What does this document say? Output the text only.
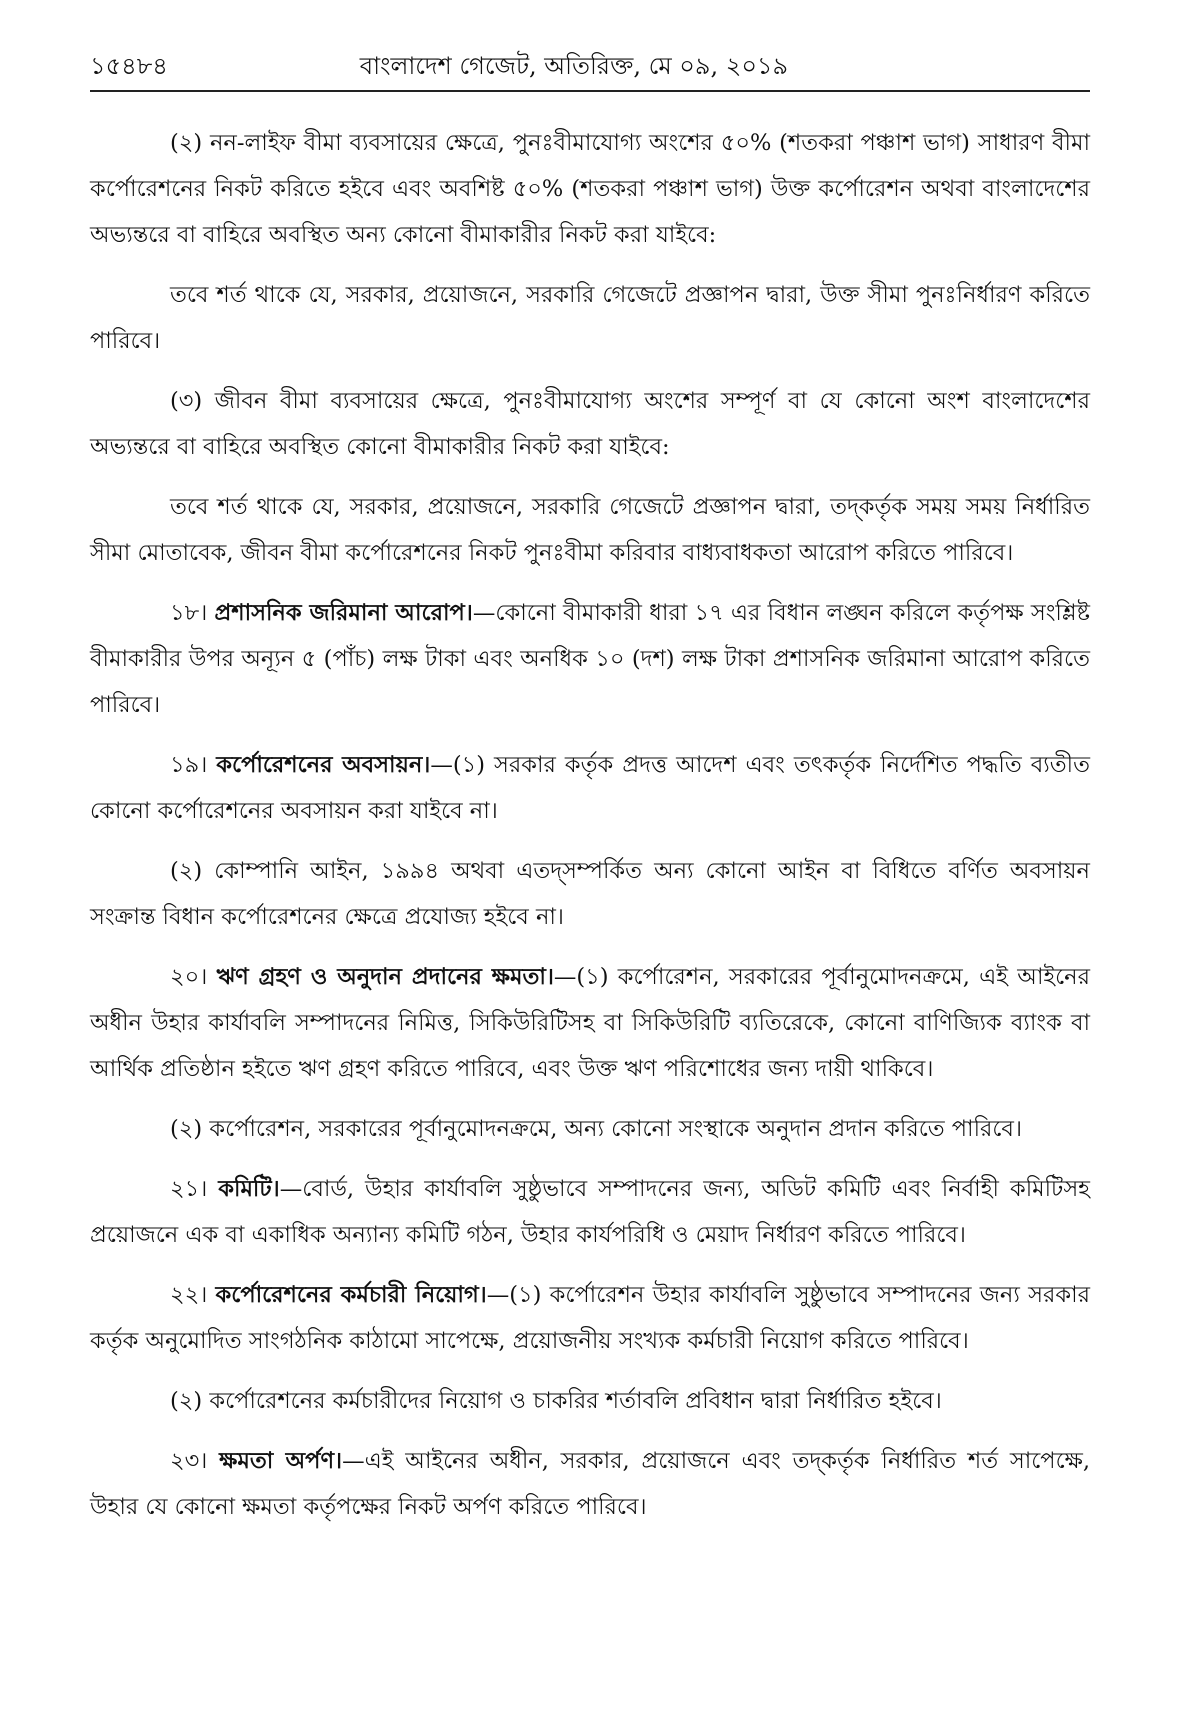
১৫৪৮৪	বাংলাদেশ গেজেট, অতিরিক্ত, মে ০৯, ২০১৯

(২) নন-লাইফ বীমা ব্যবসায়ের ক্ষেত্রে, পুনঃবীমাযোগ্য অংশের ৫০% (শতকরা পঞ্চাশ ভাগ) সাধারণ বীমা কর্পোরেশনের নিকট করিতে হইবে এবং অবশিষ্ট ৫০% (শতকরা পঞ্চাশ ভাগ) উক্ত কর্পোরেশন অথবা বাংলাদেশের অভ্যন্তরে বা বাহিরে অবস্থিত অন্য কোনো বীমাকারীর নিকট করা যাইবে:

তবে শর্ত থাকে যে, সরকার, প্রয়োজনে, সরকারি গেজেটে প্রজ্ঞাপন দ্বারা, উক্ত সীমা পুনঃনির্ধারণ করিতে পারিবে।

(৩) জীবন বীমা ব্যবসায়ের ক্ষেত্রে, পুনঃবীমাযোগ্য অংশের সম্পূর্ণ বা যে কোনো অংশ বাংলাদেশের অভ্যন্তরে বা বাহিরে অবস্থিত কোনো বীমাকারীর নিকট করা যাইবে:

তবে শর্ত থাকে যে, সরকার, প্রয়োজনে, সরকারি গেজেটে প্রজ্ঞাপন দ্বারা, তদ্‌কর্তৃক সময় সময় নির্ধারিত সীমা মোতাবেক, জীবন বীমা কর্পোরেশনের নিকট পুনঃবীমা করিবার বাধ্যবাধকতা আরোপ করিতে পারিবে।

১৮। প্রশাসনিক জরিমানা আরোপ।—কোনো বীমাকারী ধারা ১৭ এর বিধান লঙ্ঘন করিলে কর্তৃপক্ষ সংশ্লিষ্ট বীমাকারীর উপর অন্যূন ৫ (পাঁচ) লক্ষ টাকা এবং অনধিক ১০ (দশ) লক্ষ টাকা প্রশাসনিক জরিমানা আরোপ করিতে পারিবে।

১৯। কর্পোরেশনের অবসায়ন।—(১) সরকার কর্তৃক প্রদত্ত আদেশ এবং তৎকর্তৃক নির্দেশিত পদ্ধতি ব্যতীত কোনো কর্পোরেশনের অবসায়ন করা যাইবে না।

(২) কোম্পানি আইন, ১৯৯৪ অথবা এতদ্‌সম্পর্কিত অন্য কোনো আইন বা বিধিতে বর্ণিত অবসায়ন সংক্রান্ত বিধান কর্পোরেশনের ক্ষেত্রে প্রযোজ্য হইবে না।

২০। ঋণ গ্রহণ ও অনুদান প্রদানের ক্ষমতা।—(১) কর্পোরেশন, সরকারের পূর্বানুমোদনক্রমে, এই আইনের অধীন উহার কার্যাবলি সম্পাদনের নিমিত্ত, সিকিউরিটিসহ বা সিকিউরিটি ব্যতিরেকে, কোনো বাণিজ্যিক ব্যাংক বা আর্থিক প্রতিষ্ঠান হইতে ঋণ গ্রহণ করিতে পারিবে, এবং উক্ত ঋণ পরিশোধের জন্য দায়ী থাকিবে।

(২) কর্পোরেশন, সরকারের পূর্বানুমোদনক্রমে, অন্য কোনো সংস্থাকে অনুদান প্রদান করিতে পারিবে।

২১। কমিটি।—বোর্ড, উহার কার্যাবলি সুষ্ঠুভাবে সম্পাদনের জন্য, অডিট কমিটি এবং নির্বাহী কমিটিসহ প্রয়োজনে এক বা একাধিক অন্যান্য কমিটি গঠন, উহার কার্যপরিধি ও মেয়াদ নির্ধারণ করিতে পারিবে।

২২। কর্পোরেশনের কর্মচারী নিয়োগ।—(১) কর্পোরেশন উহার কার্যাবলি সুষ্ঠুভাবে সম্পাদনের জন্য সরকার কর্তৃক অনুমোদিত সাংগঠনিক কাঠামো সাপেক্ষে, প্রয়োজনীয় সংখ্যক কর্মচারী নিয়োগ করিতে পারিবে।

(২) কর্পোরেশনের কর্মচারীদের নিয়োগ ও চাকরির শর্তাবলি প্রবিধান দ্বারা নির্ধারিত হইবে।

২৩। ক্ষমতা অর্পণ।—এই আইনের অধীন, সরকার, প্রয়োজনে এবং তদ্‌কর্তৃক নির্ধারিত শর্ত সাপেক্ষে, উহার যে কোনো ক্ষমতা কর্তৃপক্ষের নিকট অর্পণ করিতে পারিবে।
